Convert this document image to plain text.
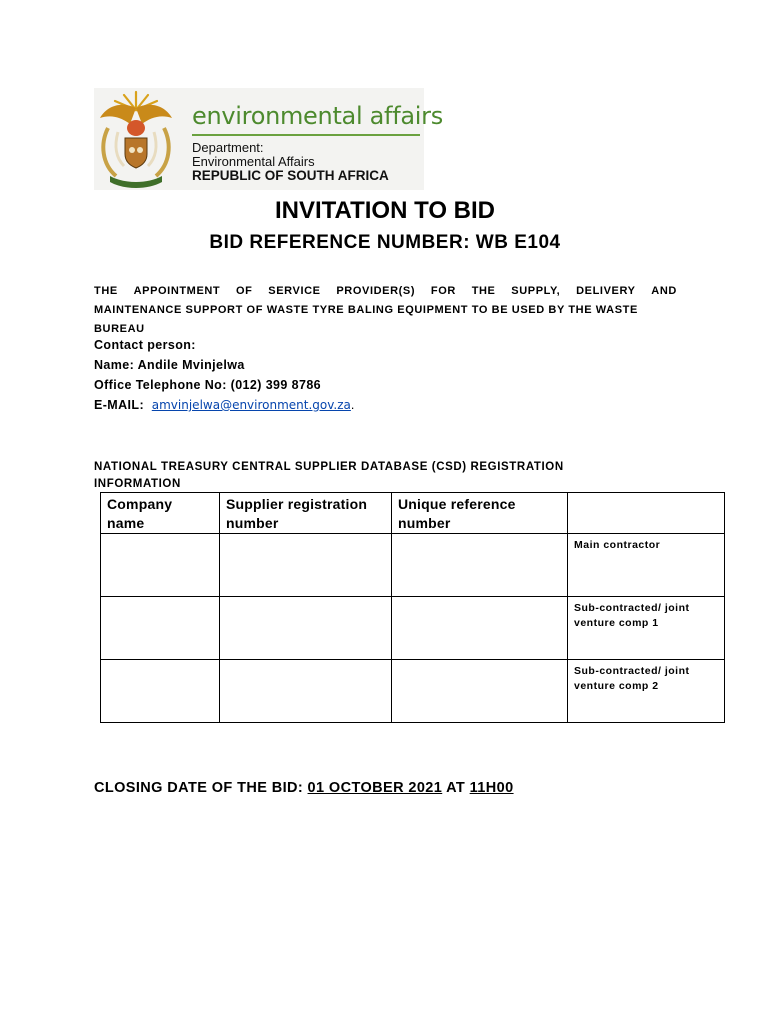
environmental affairs
Department:
Environmental Affairs
REPUBLIC OF SOUTH AFRICA
INVITATION TO BID
BID REFERENCE NUMBER: WB E104
THE APPOINTMENT OF SERVICE PROVIDER(S) FOR THE SUPPLY, DELIVERY AND
MAINTENANCE SUPPORT OF WASTE TYRE BALING EQUIPMENT TO BE USED BY THE WASTE
BUREAU
Contact person:
Name: Andile Mvinjelwa
Office Telephone No: (012) 399 8786
E-MAIL: amvinjelwa@environment.gov.za.
NATIONAL TREASURY CENTRAL SUPPLIER DATABASE (CSD) REGISTRATION INFORMATION
Company name	Supplier registration number	Unique reference number	
			Main contractor
			Sub-contracted/ joint venture comp 1
			Sub-contracted/ joint venture comp 2
CLOSING DATE OF THE BID: 01 OCTOBER 2021 AT 11H00
